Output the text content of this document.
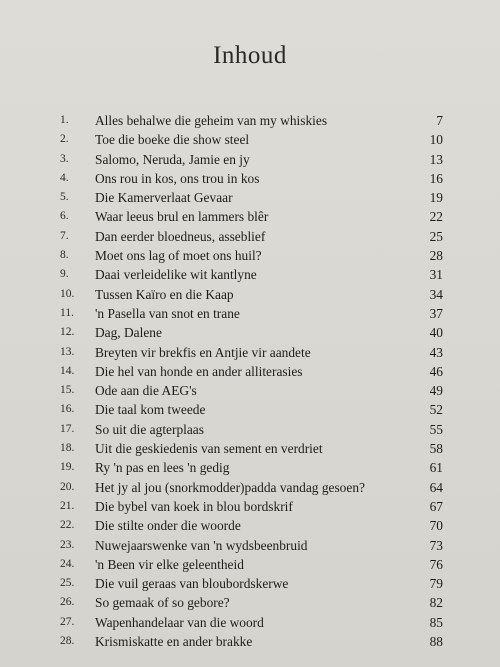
Inhoud
1.	Alles behalwe die geheim van my whiskies	7
2.	Toe die boeke die show steel	10
3.	Salomo, Neruda, Jamie en jy	13
4.	Ons rou in kos, ons trou in kos	16
5.	Die Kamerverlaat Gevaar	19
6.	Waar leeus brul en lammers blêr	22
7.	Dan eerder bloedneus, asseblief	25
8.	Moet ons lag of moet ons huil?	28
9.	Daai verleidelike wit kantlyne	31
10.	Tussen Kaïro en die Kaap	34
11.	'n Pasella van snot en trane	37
12.	Dag, Dalene	40
13.	Breyten vir brekfis en Antjie vir aandete	43
14.	Die hel van honde en ander alliterasies	46
15.	Ode aan die AEG's	49
16.	Die taal kom tweede	52
17.	So uit die agterplaas	55
18.	Uit die geskiedenis van sement en verdriet	58
19.	Ry 'n pas en lees 'n gedig	61
20.	Het jy al jou (snorkmodder)padda vandag gesoen?	64
21.	Die bybel van koek in blou bordskrif	67
22.	Die stilte onder die woorde	70
23.	Nuwejaarswenke van 'n wydsbeenbruid	73
24.	'n Been vir elke geleentheid	76
25.	Die vuil geraas van bloubordskerwe	79
26.	So gemaak of so gebore?	82
27.	Wapenhandelaar van die woord	85
28.	Krismiskatte en ander brakke	88
